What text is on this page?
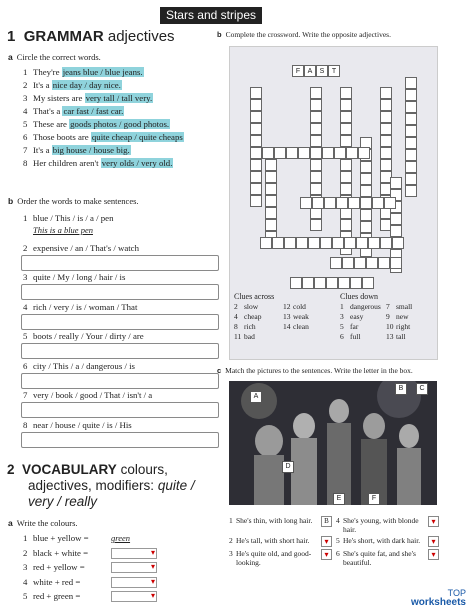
Stars and stripes
1 GRAMMAR adjectives
a Circle the correct words.
1 They're jeans blue / blue jeans.
2 It's a nice day / day nice.
3 My sisters are very tall / tall very.
4 That's a car fast / fast car.
5 These are goods photos / good photos.
6 Those boots are quite cheap / quite cheaps
7 It's a big house / house big.
8 Her children aren't very olds / very old.
b Order the words to make sentences.
1 blue / This / is / a / pen
This is a blue pen
2 expensive / an / That's / watch
3 quite / My / long / hair / is
4 rich / very / is / woman / That
5 boots / really / Your / dirty / are
6 city / This / a / dangerous / is
7 very / book / good / That / isn't / a
8 near / house / quite / is / His
2 VOCABULARY colours,
adjectives, modifiers: quite /
very / really
a Write the colours.
1 blue + yellow =	green
2 black + white =▾
3 red + yellow =▾
4 white + red =▾
5 red + green =▾
b Complete the crossword. Write the opposite adjectives.
F	A	S	T
Clues across
2 slow	12 cold
4 cheap	13 weak
8 rich	14 clean
11 bad
Clues down
1 dangerous 7 small
3 easy	9 new
5 far	10 right
6 full	13 tall
c Match the pictures to the sentences. Write the letter in the box.
A
B	C
D
E	F
1 She's thin, with long hair.	B
2 He's tall, with short hair.
▾
3 He's quite old, and good-looking.
▾
4 She's young, with blonde hair.
▾
5 He's short, with dark hair.
▾
6 She's quite fat, and she's beautiful.
▾
TOP
worksheets
